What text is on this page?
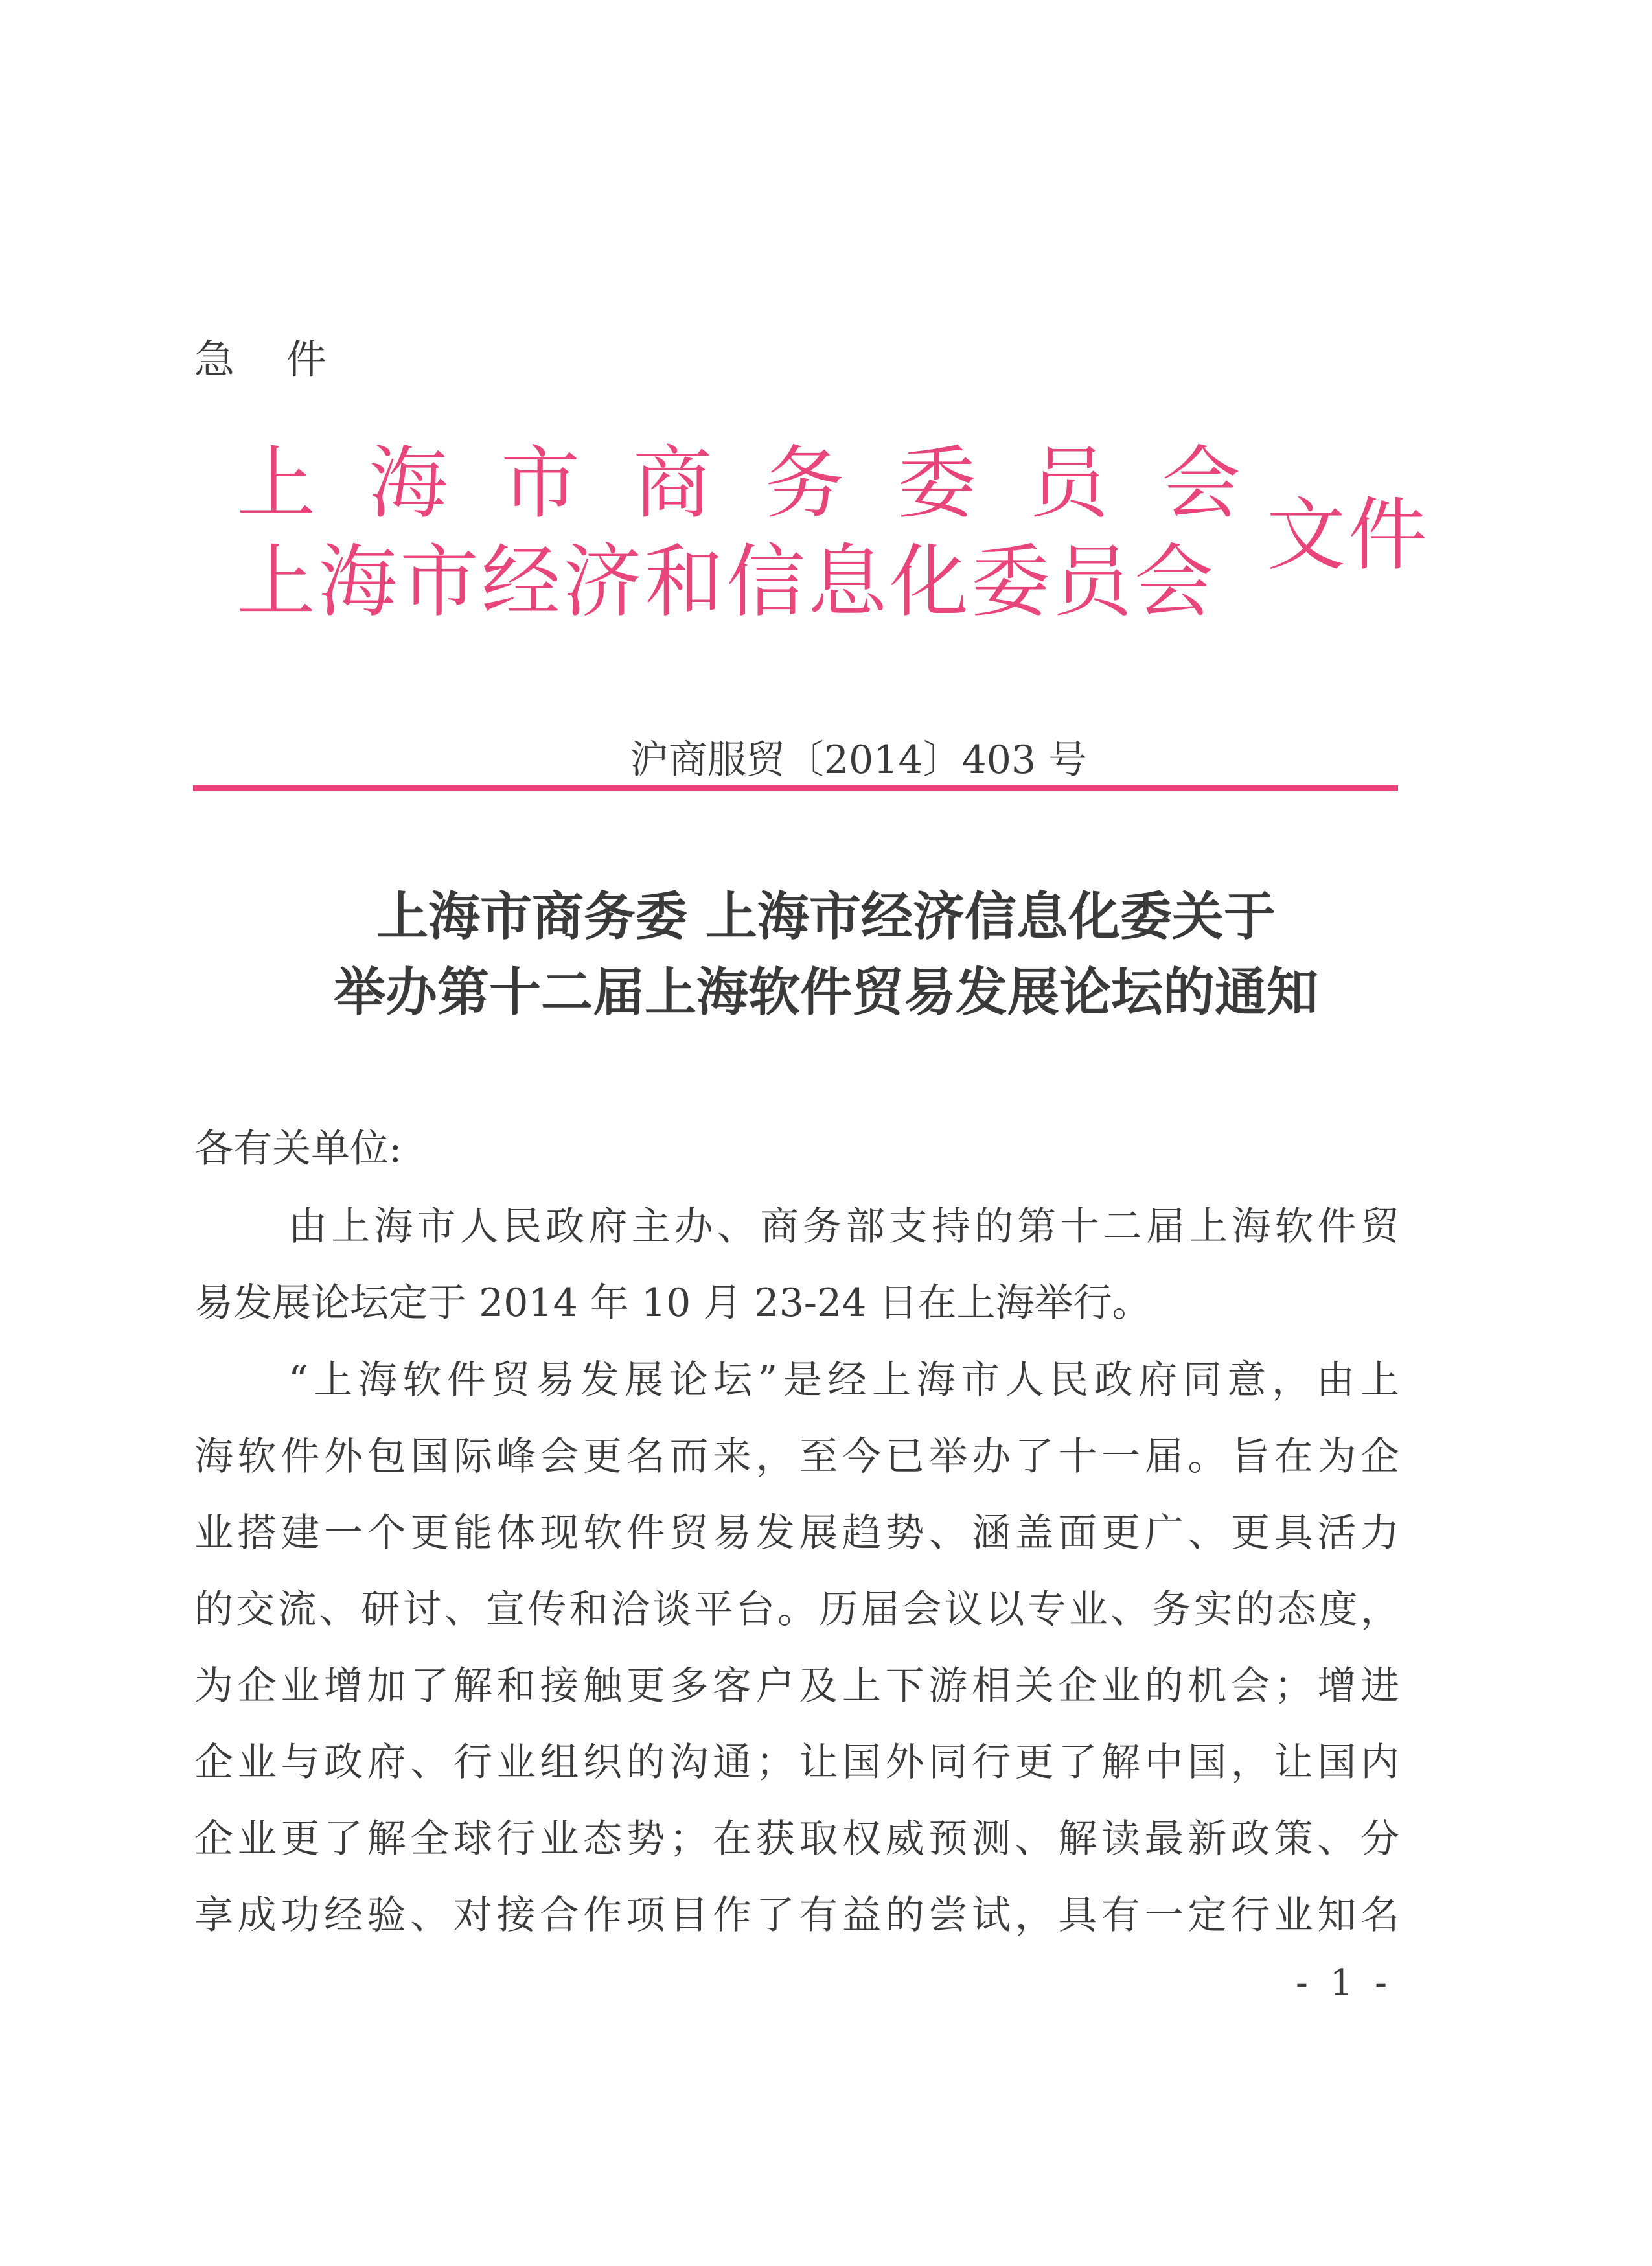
急 件
上海市商务委员会
上海市经济和信息化委员会
文件
沪商服贸〔2014〕403 号
上海市商务委 上海市经济信息化委关于
举办第十二届上海软件贸易发展论坛的通知
各有关单位:
由上海市人民政府主办、商务部支持的第十二届上海软件贸
易发展论坛定于 2014 年 10 月 23-24 日在上海举行。
“上海软件贸易发展论坛”是经上海市人民政府同意，由上
海软件外包国际峰会更名而来，至今已举办了十一届。旨在为企
业搭建一个更能体现软件贸易发展趋势、涵盖面更广、更具活力
的交流、研讨、宣传和洽谈平台。历届会议以专业、务实的态度，
为企业增加了解和接触更多客户及上下游相关企业的机会；增进
企业与政府、行业组织的沟通；让国外同行更了解中国，让国内
企业更了解全球行业态势；在获取权威预测、解读最新政策、分
享成功经验、对接合作项目作了有益的尝试，具有一定行业知名
- 1 -
